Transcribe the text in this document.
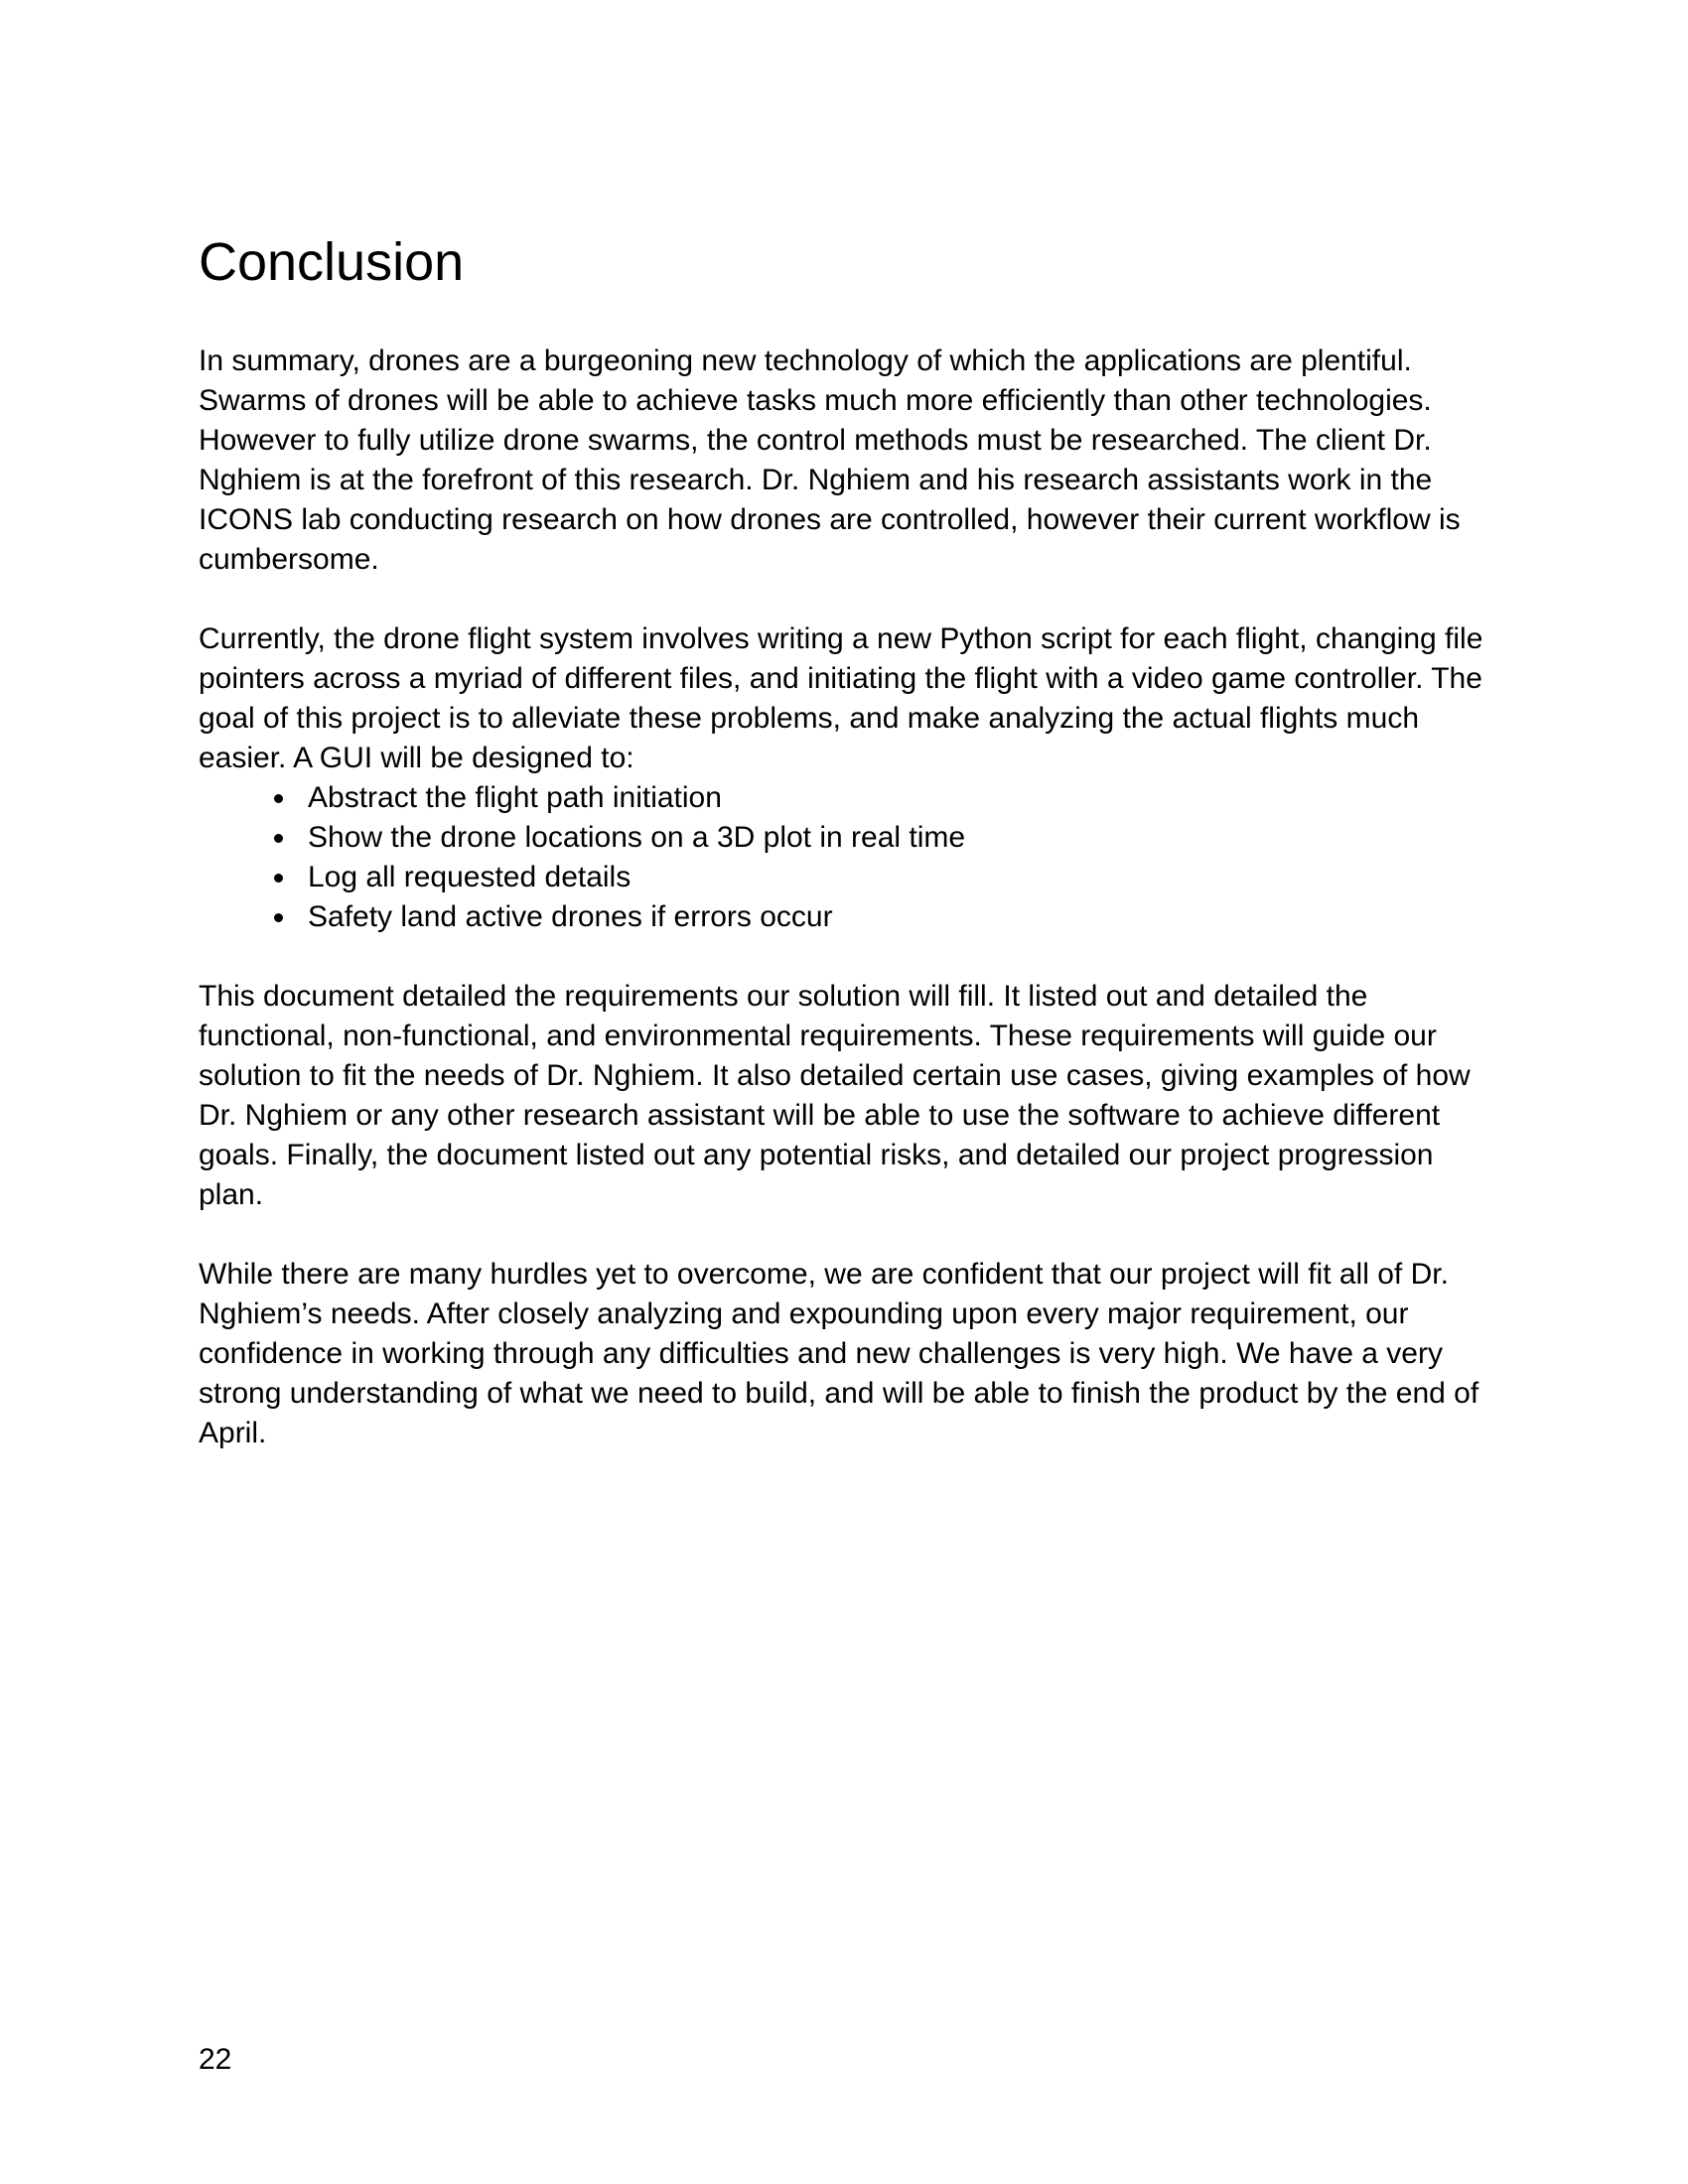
Conclusion

In summary, drones are a burgeoning new technology of which the applications are plentiful. Swarms of drones will be able to achieve tasks much more efficiently than other technologies. However to fully utilize drone swarms, the control methods must be researched. The client Dr. Nghiem is at the forefront of this research. Dr. Nghiem and his research assistants work in the ICONS lab conducting research on how drones are controlled, however their current workflow is cumbersome.

Currently, the drone flight system involves writing a new Python script for each flight, changing file pointers across a myriad of different files, and initiating the flight with a video game controller. The goal of this project is to alleviate these problems, and make analyzing the actual flights much easier. A GUI will be designed to:

• Abstract the flight path initiation
• Show the drone locations on a 3D plot in real time
• Log all requested details
• Safety land active drones if errors occur

This document detailed the requirements our solution will fill. It listed out and detailed the functional, non-functional, and environmental requirements. These requirements will guide our solution to fit the needs of Dr. Nghiem. It also detailed certain use cases, giving examples of how Dr. Nghiem or any other research assistant will be able to use the software to achieve different goals. Finally, the document listed out any potential risks, and detailed our project progression plan.

While there are many hurdles yet to overcome, we are confident that our project will fit all of Dr. Nghiem’s needs. After closely analyzing and expounding upon every major requirement, our confidence in working through any difficulties and new challenges is very high. We have a very strong understanding of what we need to build, and will be able to finish the product by the end of April.

22
